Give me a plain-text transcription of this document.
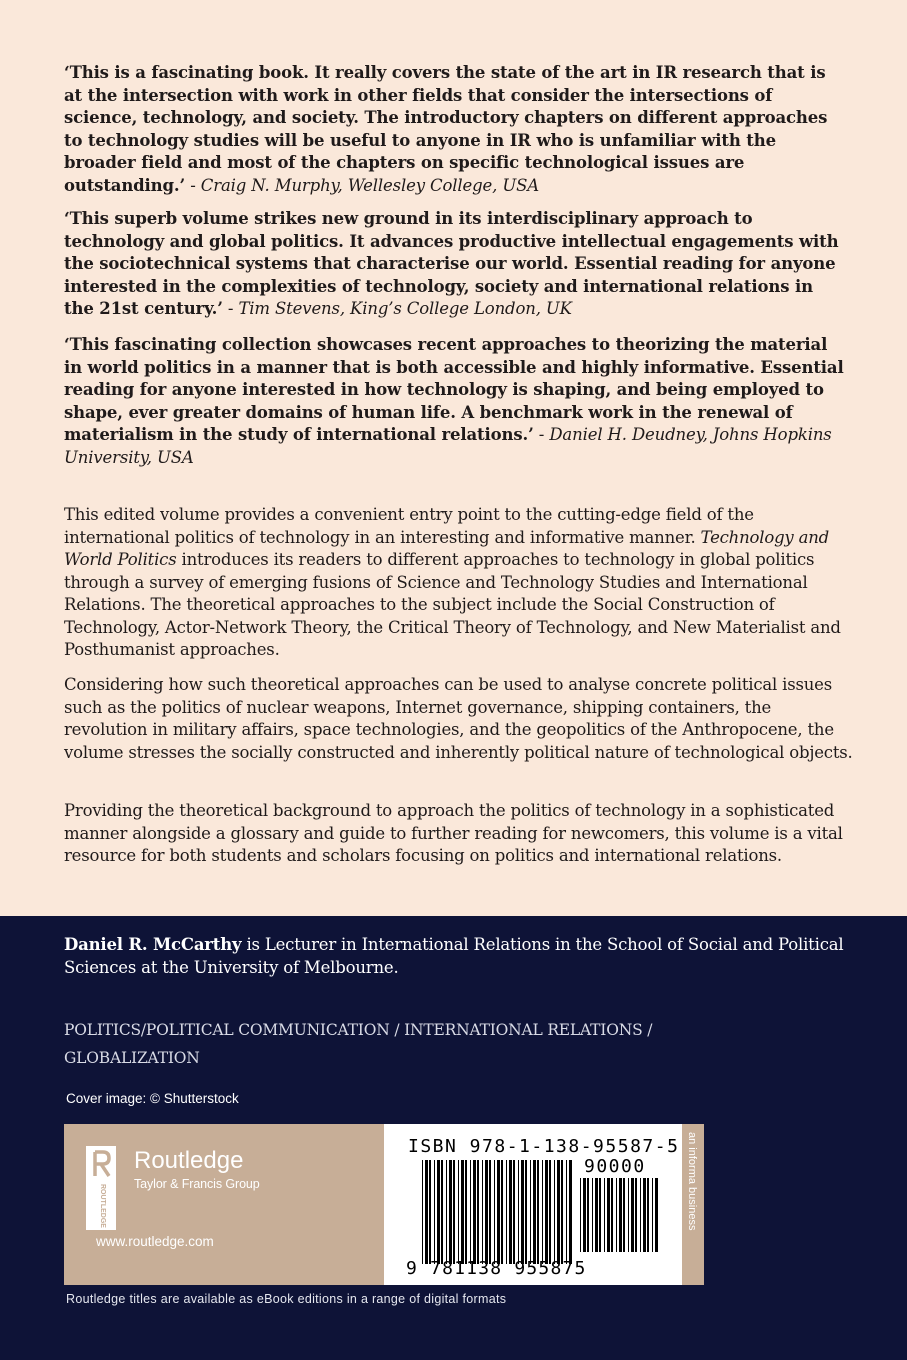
‘This is a fascinating book. It really covers the state of the art in IR research that is at the intersection with work in other fields that consider the intersections of science, technology, and society. The introductory chapters on different approaches to technology studies will be useful to anyone in IR who is unfamiliar with the broader field and most of the chapters on specific technological issues are outstanding.’ - Craig N. Murphy, Wellesley College, USA
‘This superb volume strikes new ground in its interdisciplinary approach to technology and global politics. It advances productive intellectual engagements with the sociotechnical systems that characterise our world. Essential reading for anyone interested in the complexities of technology, society and international relations in the 21st century.’ - Tim Stevens, King’s College London, UK
‘This fascinating collection showcases recent approaches to theorizing the material in world politics in a manner that is both accessible and highly informative. Essential reading for anyone interested in how technology is shaping, and being employed to shape, ever greater domains of human life. A benchmark work in the renewal of materialism in the study of international relations.’ - Daniel H. Deudney, Johns Hopkins University, USA
This edited volume provides a convenient entry point to the cutting-edge field of the international politics of technology in an interesting and informative manner. Technology and World Politics introduces its readers to different approaches to technology in global politics through a survey of emerging fusions of Science and Technology Studies and International Relations. The theoretical approaches to the subject include the Social Construction of Technology, Actor-Network Theory, the Critical Theory of Technology, and New Materialist and Posthumanist approaches.
Considering how such theoretical approaches can be used to analyse concrete political issues such as the politics of nuclear weapons, Internet governance, shipping containers, the revolution in military affairs, space technologies, and the geopolitics of the Anthropocene, the volume stresses the socially constructed and inherently political nature of technological objects.
Providing the theoretical background to approach the politics of technology in a sophisticated manner alongside a glossary and guide to further reading for newcomers, this volume is a vital resource for both students and scholars focusing on politics and international relations.
Daniel R. McCarthy is Lecturer in International Relations in the School of Social and Political Sciences at the University of Melbourne.
POLITICS/POLITICAL COMMUNICATION / INTERNATIONAL RELATIONS / GLOBALIZATION
Cover image: © Shutterstock
ROUTLEDGE
Routledge
Taylor & Francis Group
www.routledge.com
ISBN 978-1-138-95587-5
90000
9 781138 955875
an informa business
Routledge titles are available as eBook editions in a range of digital formats
